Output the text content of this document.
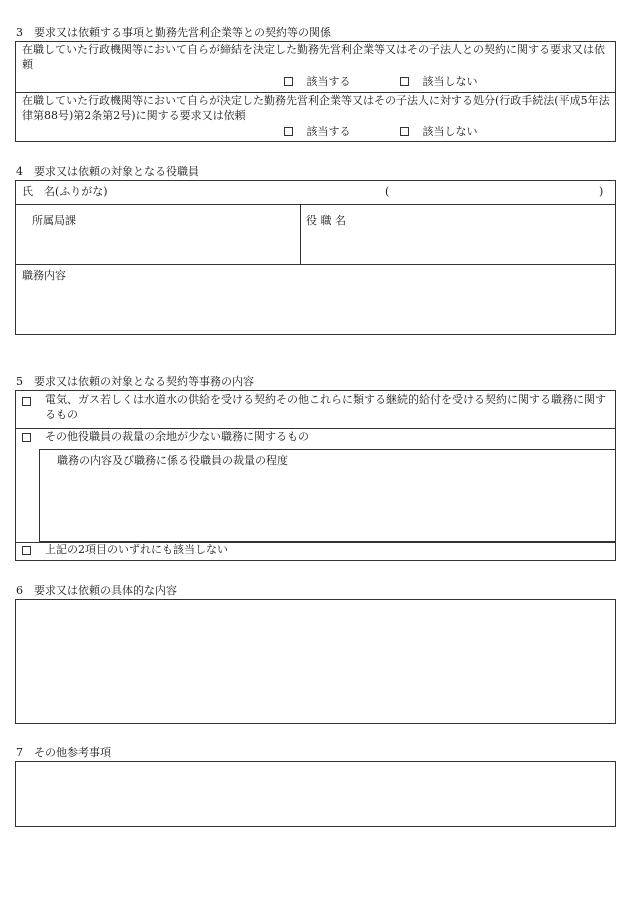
3　要求又は依頼する事項と勤務先営利企業等との契約等の関係
在職していた行政機関等において自らが締結を決定した勤務先営利企業等又はその子法人との契約に関する要求又は依頼
該当する	該当しない
在職していた行政機関等において自らが決定した勤務先営利企業等又はその子法人に対する処分(行政手続法(平成5年法律第88号)第2条第2号)に関する要求又は依頼
該当する	該当しない
4　要求又は依頼の対象となる役職員
氏　名(ふりがな)	(	)
所属局課	役 職 名
職務内容
5　要求又は依頼の対象となる契約等事務の内容
電気、ガス若しくは水道水の供給を受ける契約その他これらに類する継続的給付を受ける契約に関する職務に関するもの
その他役職員の裁量の余地が少ない職務に関するもの
職務の内容及び職務に係る役職員の裁量の程度
上記の2項目のいずれにも該当しない
6　要求又は依頼の具体的な内容
7　その他参考事項
